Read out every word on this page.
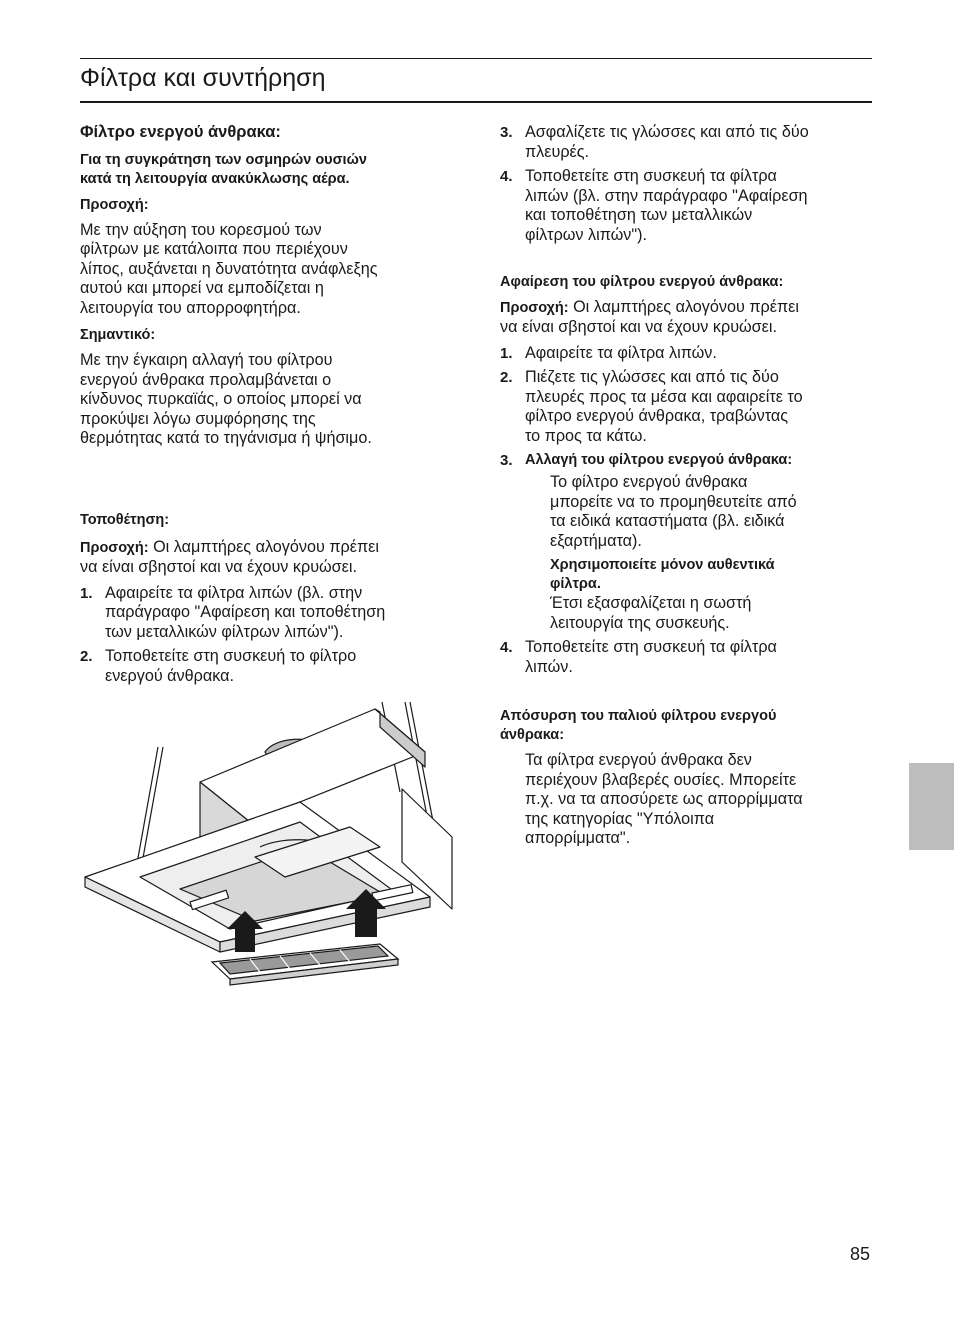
Φίλτρα και συντήρηση

Φίλτρο ενεργού άνθρακα:

Για τη συγκράτηση των οσμηρών ουσιών

κατά τη λειτουργία ανακύκλωσης αέρα.

Προσοχή:

Με την αύξηση του κορεσμού των

φίλτρων με κατάλοιπα που περιέχουν

λίπος, αυξάνεται η δυνατότητα ανάφλεξης

αυτού και μπορεί να εμποδίζεται η

λειτουργία του απορροφητήρα.

Σημαντικό:

Με την έγκαιρη αλλαγή του φίλτρου

ενεργού άνθρακα προλαμβάνεται ο

κίνδυνος πυρκαϊάς, ο οποίος μπορεί να

προκύψει λόγω συμφόρησης της

θερμότητας κατά το τηγάνισμα ή ψήσιμο.

Τοποθέτηση:

Προσοχή: Οι λαμπτήρες αλογόνου πρέπει

να είναι σβηστοί και να έχουν κρυώσει.

1. Αφαιρείτε τα φίλτρα λιπών (βλ. στην

παράγραφο "Αφαίρεση και τοποθέτηση

των μεταλλικών φίλτρων λιπών").

2. Τοποθετείτε στη συσκευή το φίλτρο

ενεργού άνθρακα.

3. Ασφαλίζετε τις γλώσσες και από τις δύο

πλευρές.

4. Τοποθετείτε στη συσκευή τα φίλτρα

λιπών (βλ. στην παράγραφο "Αφαίρεση

και τοποθέτηση των μεταλλικών

φίλτρων λιπών").

Αφαίρεση του φίλτρου ενεργού άνθρακα:

Προσοχή: Οι λαμπτήρες αλογόνου πρέπει

να είναι σβηστοί και να έχουν κρυώσει.

1. Αφαιρείτε τα φίλτρα λιπών.

2. Πιέζετε τις γλώσσες και από τις δύο

πλευρές προς τα μέσα και αφαιρείτε το

φίλτρο ενεργού άνθρακα, τραβώντας

το προς τα κάτω.

3. Αλλαγή του φίλτρου ενεργού άνθρακα:

Το φίλτρο ενεργού άνθρακα

μπορείτε να το προμηθευτείτε από

τα ειδικά καταστήματα (βλ. ειδικά

εξαρτήματα).

Χρησιμοποιείτε μόνον αυθεντικά

φίλτρα.

Έτσι εξασφαλίζεται η σωστή

λειτουργία της συσκευής.

4. Τοποθετείτε στη συσκευή τα φίλτρα

λιπών.

Απόσυρση του παλιού φίλτρου ενεργού

άνθρακα:

Τα φίλτρα ενεργού άνθρακα δεν

περιέχουν βλαβερές ουσίες. Μπορείτε

π.χ. να τα αποσύρετε ως απορρίμματα

της κατηγορίας "Υπόλοιπα

απορρίμματα".

85
